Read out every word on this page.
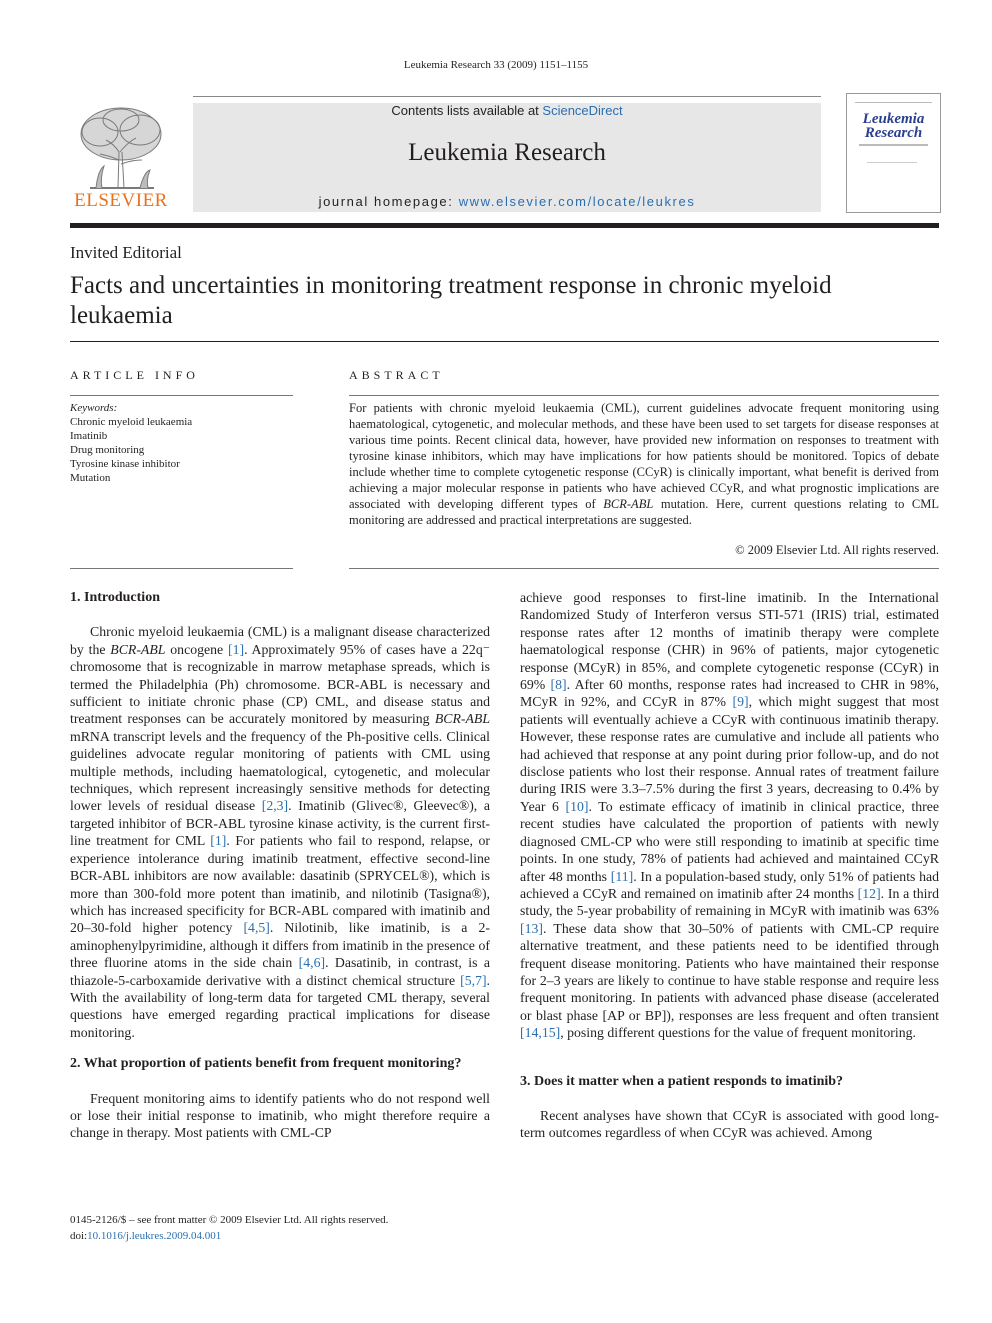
Leukemia Research 33 (2009) 1151–1155
ELSEVIER
Contents lists available at ScienceDirect
Leukemia Research
journal homepage: www.elsevier.com/locate/leukres
Leukemia
Research
Invited Editorial
Facts and uncertainties in monitoring treatment response in chronic myeloid leukaemia
ARTICLE INFO
Keywords:
Chronic myeloid leukaemia
Imatinib
Drug monitoring
Tyrosine kinase inhibitor
Mutation
ABSTRACT
For patients with chronic myeloid leukaemia (CML), current guidelines advocate frequent monitoring using haematological, cytogenetic, and molecular methods, and these have been used to set targets for disease responses at various time points. Recent clinical data, however, have provided new information on responses to treatment with tyrosine kinase inhibitors, which may have implications for how patients should be monitored. Topics of debate include whether time to complete cytogenetic response (CCyR) is clinically important, what benefit is derived from achieving a major molecular response in patients who have achieved CCyR, and what prognostic implications are associated with developing different types of BCR-ABL mutation. Here, current questions relating to CML monitoring are addressed and practical interpretations are suggested.
© 2009 Elsevier Ltd. All rights reserved.
1. Introduction

Chronic myeloid leukaemia (CML) is a malignant disease characterized by the BCR-ABL oncogene [1]. Approximately 95% of cases have a 22q⁻ chromosome that is recognizable in marrow metaphase spreads, which is termed the Philadelphia (Ph) chromosome. BCR-ABL is necessary and sufficient to initiate chronic phase (CP) CML, and disease status and treatment responses can be accurately monitored by measuring BCR-ABL mRNA transcript levels and the frequency of the Ph-positive cells. Clinical guidelines advocate regular monitoring of patients with CML using multiple methods, including haematological, cytogenetic, and molecular techniques, which represent increasingly sensitive methods for detecting lower levels of residual disease [2,3]. Imatinib (Glivec®, Gleevec®), a targeted inhibitor of BCR-ABL tyrosine kinase activity, is the current first-line treatment for CML [1]. For patients who fail to respond, relapse, or experience intolerance during imatinib treatment, effective second-line BCR-ABL inhibitors are now available: dasatinib (SPRYCEL®), which is more than 300-fold more potent than imatinib, and nilotinib (Tasigna®), which has increased specificity for BCR-ABL compared with imatinib and 20–30-fold higher potency [4,5]. Nilotinib, like imatinib, is a 2-aminophenylpyrimidine, although it differs from imatinib in the presence of three fluorine atoms in the side chain [4,6]. Dasatinib, in contrast, is a thiazole-5-carboxamide derivative with a distinct chemical structure [5,7]. With the availability of long-term data for targeted CML therapy, several questions have emerged regarding practical implications for disease monitoring.

2. What proportion of patients benefit from frequent monitoring?

Frequent monitoring aims to identify patients who do not respond well or lose their initial response to imatinib, who might therefore require a change in therapy. Most patients with CML-CP

achieve good responses to first-line imatinib. In the International Randomized Study of Interferon versus STI-571 (IRIS) trial, estimated response rates after 12 months of imatinib therapy were complete haematological response (CHR) in 96% of patients, major cytogenetic response (MCyR) in 85%, and complete cytogenetic response (CCyR) in 69% [8]. After 60 months, response rates had increased to CHR in 98%, MCyR in 92%, and CCyR in 87% [9], which might suggest that most patients will eventually achieve a CCyR with continuous imatinib therapy. However, these response rates are cumulative and include all patients who had achieved that response at any point during prior follow-up, and do not disclose patients who lost their response. Annual rates of treatment failure during IRIS were 3.3–7.5% during the first 3 years, decreasing to 0.4% by Year 6 [10]. To estimate efficacy of imatinib in clinical practice, three recent studies have calculated the proportion of patients with newly diagnosed CML-CP who were still responding to imatinib at specific time points. In one study, 78% of patients had achieved and maintained CCyR after 48 months [11]. In a population-based study, only 51% of patients had achieved a CCyR and remained on imatinib after 24 months [12]. In a third study, the 5-year probability of remaining in MCyR with imatinib was 63% [13]. These data show that 30–50% of patients with CML-CP require alternative treatment, and these patients need to be identified through frequent disease monitoring. Patients who have maintained their response for 2–3 years are likely to continue to have stable response and require less frequent monitoring. In patients with advanced phase disease (accelerated or blast phase [AP or BP]), responses are less frequent and often transient [14,15], posing different questions for the value of frequent monitoring.

3. Does it matter when a patient responds to imatinib?

Recent analyses have shown that CCyR is associated with good long-term outcomes regardless of when CCyR was achieved. Among

0145-2126/$ – see front matter © 2009 Elsevier Ltd. All rights reserved.
doi:10.1016/j.leukres.2009.04.001
